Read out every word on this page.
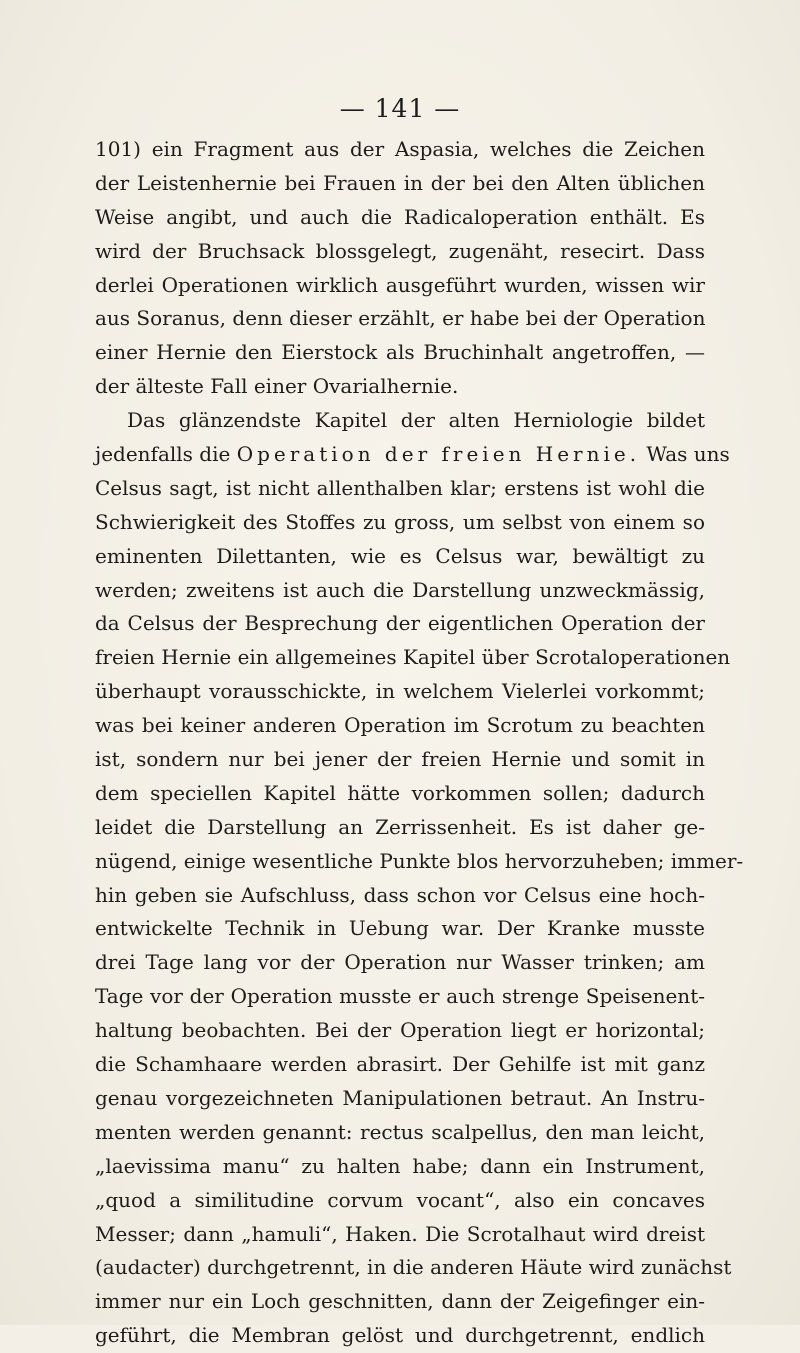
— 141 —
101) ein Fragment aus der Aspasia, welches die Zeichen
der Leistenhernie bei Frauen in der bei den Alten üblichen
Weise angibt, und auch die Radicaloperation enthält. Es
wird der Bruchsack blossgelegt, zugenäht, resecirt. Dass
derlei Operationen wirklich ausgeführt wurden, wissen wir
aus Soranus, denn dieser erzählt, er habe bei der Operation
einer Hernie den Eierstock als Bruchinhalt angetroffen, —
der älteste Fall einer Ovarialhernie.
Das glänzendste Kapitel der alten Herniologie bildet
jedenfalls die Operation der freien Hernie. Was uns
Celsus sagt, ist nicht allenthalben klar; erstens ist wohl die
Schwierigkeit des Stoffes zu gross, um selbst von einem so
eminenten Dilettanten, wie es Celsus war, bewältigt zu
werden; zweitens ist auch die Darstellung unzweckmässig,
da Celsus der Besprechung der eigentlichen Operation der
freien Hernie ein allgemeines Kapitel über Scrotaloperationen
überhaupt vorausschickte, in welchem Vielerlei vorkommt;
was bei keiner anderen Operation im Scrotum zu beachten
ist, sondern nur bei jener der freien Hernie und somit in
dem speciellen Kapitel hätte vorkommen sollen; dadurch
leidet die Darstellung an Zerrissenheit. Es ist daher ge-
nügend, einige wesentliche Punkte blos hervorzuheben; immer-
hin geben sie Aufschluss, dass schon vor Celsus eine hoch-
entwickelte Technik in Uebung war. Der Kranke musste
drei Tage lang vor der Operation nur Wasser trinken; am
Tage vor der Operation musste er auch strenge Speisenent-
haltung beobachten. Bei der Operation liegt er horizontal;
die Schamhaare werden abrasirt. Der Gehilfe ist mit ganz
genau vorgezeichneten Manipulationen betraut. An Instru-
menten werden genannt: rectus scalpellus, den man leicht,
„laevissima manu“ zu halten habe; dann ein Instrument,
„quod a similitudine corvum vocant“, also ein concaves
Messer; dann „hamuli“, Haken. Die Scrotalhaut wird dreist
(audacter) durchgetrennt, in die anderen Häute wird zunächst
immer nur ein Loch geschnitten, dann der Zeigefinger ein-
geführt, die Membran gelöst und durchgetrennt, endlich
